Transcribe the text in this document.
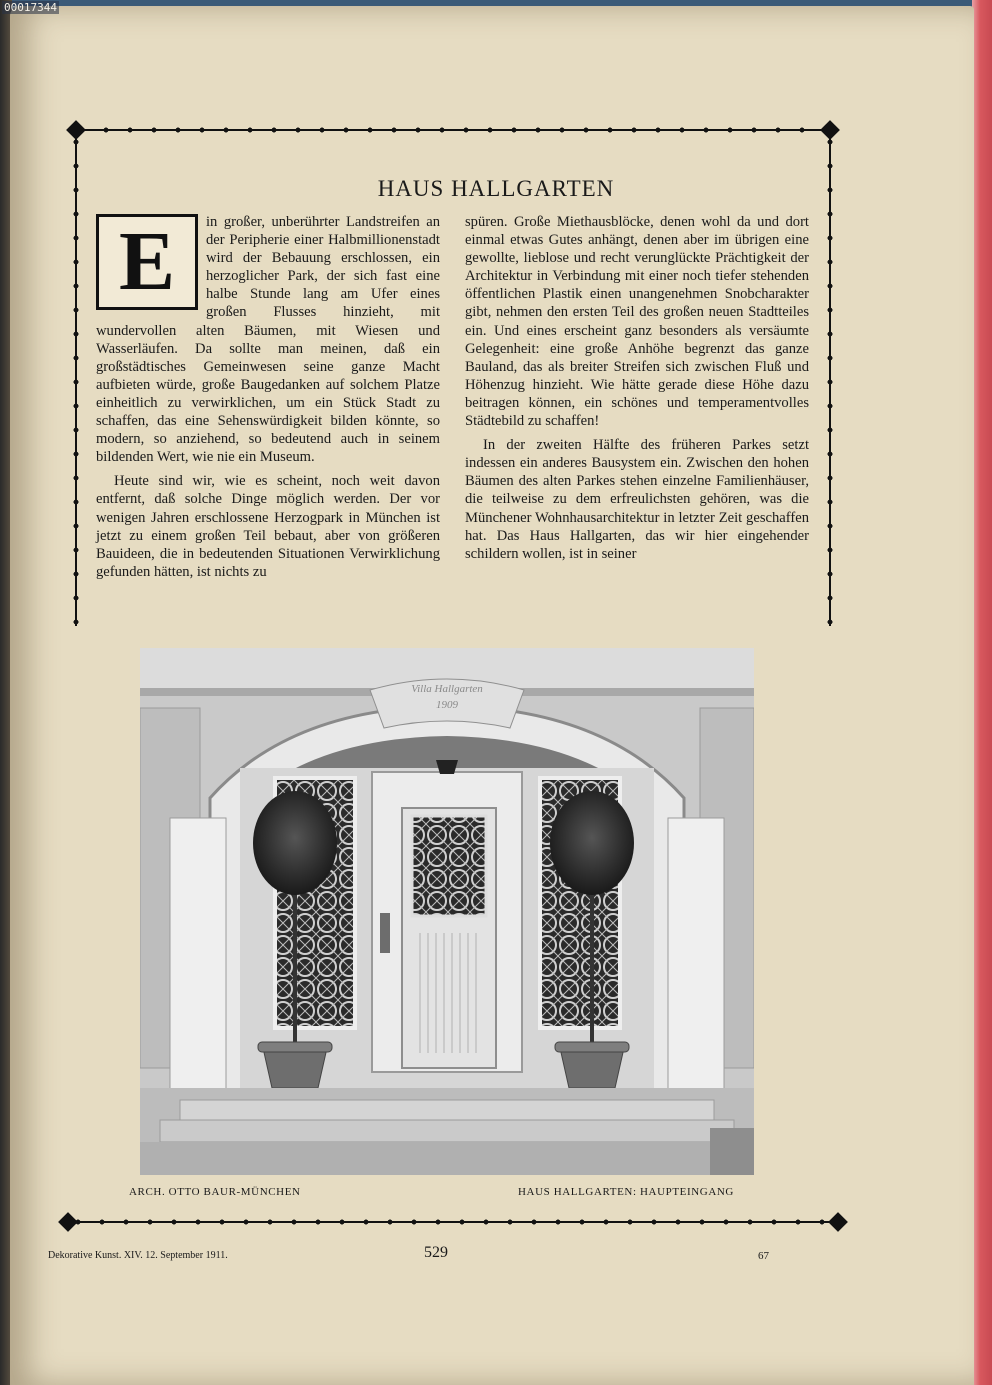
00017344
HAUS HALLGARTEN
E	in großer, unberührter Landstreifen an der Peripherie einer Halbmillionenstadt wird der Bebauung erschlossen, ein herzoglicher Park, der sich fast eine halbe Stunde lang am Ufer eines großen Flusses hinzieht, mit wundervollen alten Bäumen, mit Wiesen und Wasserläufen. Da sollte man meinen, daß ein großstädtisches Gemeinwesen seine ganze Macht aufbieten würde, große Baugedanken auf solchem Platze einheitlich zu verwirklichen, um ein Stück Stadt zu schaffen, das eine Sehenswürdigkeit bilden könnte, so modern, so anziehend, so bedeutend auch in seinem bildenden Wert, wie nie ein Museum.

Heute sind wir, wie es scheint, noch weit davon entfernt, daß solche Dinge möglich werden. Der vor wenigen Jahren erschlossene Herzogpark in München ist jetzt zu einem großen Teil bebaut, aber von größeren Bauideen, die in bedeutenden Situationen Verwirklichung gefunden hätten, ist nichts zu

spüren. Große Miethausblöcke, denen wohl da und dort einmal etwas Gutes anhängt, denen aber im übrigen eine gewollte, lieblose und recht verunglückte Prächtigkeit der Architektur in Verbindung mit einer noch tiefer stehenden öffentlichen Plastik einen unangenehmen Snobcharakter gibt, nehmen den ersten Teil des großen neuen Stadtteiles ein. Und eines erscheint ganz besonders als versäumte Gelegenheit: eine große Anhöhe begrenzt das ganze Bauland, das als breiter Streifen sich zwischen Fluß und Höhenzug hinzieht. Wie hätte gerade diese Höhe dazu beitragen können, ein schönes und temperamentvolles Städtebild zu schaffen!

In der zweiten Hälfte des früheren Parkes setzt indessen ein anderes Bausystem ein. Zwischen den hohen Bäumen des alten Parkes stehen einzelne Familienhäuser, die teilweise zu dem erfreulichsten gehören, was die Münchener Wohnhausarchitektur in letzter Zeit geschaffen hat. Das Haus Hallgarten, das wir hier eingehender schildern wollen, ist in seiner

Villa Hallgarten
1909
ARCH. OTTO BAUR-MÜNCHEN	HAUS HALLGARTEN: HAUPTEINGANG
Dekorative Kunst. XIV. 12. September 1911.	529	67
